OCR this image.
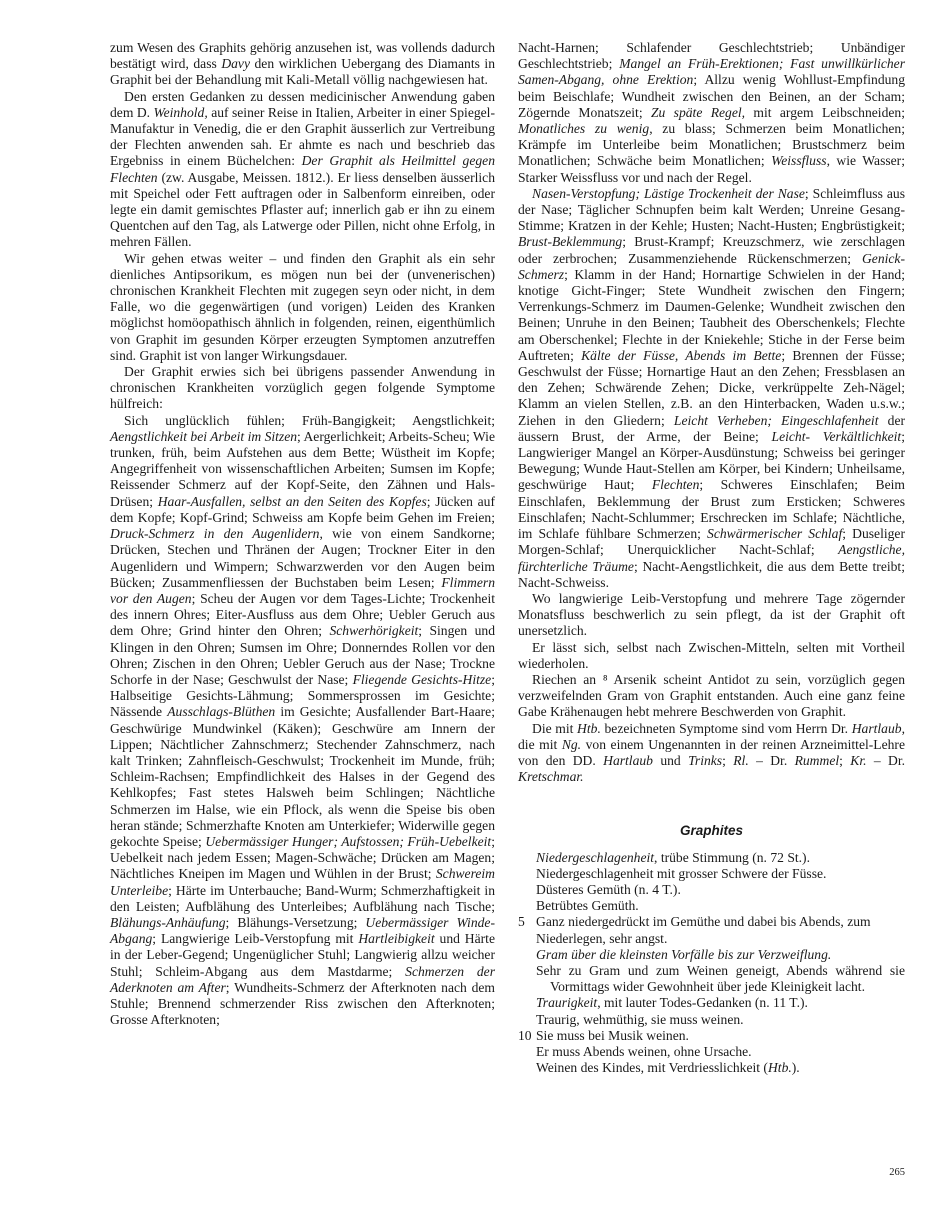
zum Wesen des Graphits gehörig anzusehen ist, was vollends dadurch bestätigt wird, dass Davy den wirklichen Uebergang des Diamants in Graphit bei der Behandlung mit Kali-Metall völlig nachgewiesen hat.

Den ersten Gedanken zu dessen medicinischer Anwendung gaben dem D. Weinhold, auf seiner Reise in Italien, Arbeiter in einer Spiegel-Manufaktur in Venedig, die er den Graphit äusserlich zur Vertreibung der Flechten anwenden sah. Er ahmte es nach und beschrieb das Ergebniss in einem Büchelchen: Der Graphit als Heilmittel gegen Flechten (zw. Ausgabe, Meissen. 1812.). Er liess denselben äusserlich mit Speichel oder Fett auftragen oder in Salbenform einreiben, oder legte ein damit gemischtes Pflaster auf; innerlich gab er ihn zu einem Quentchen auf den Tag, als Latwerge oder Pillen, nicht ohne Erfolg, in mehren Fällen.

Wir gehen etwas weiter – und finden den Graphit als ein sehr dienliches Antipsorikum, es mögen nun bei der (unvenerischen) chronischen Krankheit Flechten mit zugegen seyn oder nicht, in dem Falle, wo die gegenwärtigen (und vorigen) Leiden des Kranken möglichst homöopathisch ähnlich in folgenden, reinen, eigenthümlich von Graphit im gesunden Körper erzeugten Symptomen anzutreffen sind. Graphit ist von langer Wirkungsdauer.

Der Graphit erwies sich bei übrigens passender Anwendung in chronischen Krankheiten vorzüglich gegen folgende Symptome hülfreich:

Sich unglücklich fühlen; Früh-Bangigkeit; Aengstlichkeit; Aengstlichkeit bei Arbeit im Sitzen; Aergerlichkeit; Arbeits-Scheu; Wie trunken, früh, beim Aufstehen aus dem Bette; Wüstheit im Kopfe; Angegriffenheit von wissenschaftlichen Arbeiten; Sumsen im Kopfe; Reissender Schmerz auf der Kopf-Seite, den Zähnen und Hals-Drüsen; Haar-Ausfallen, selbst an den Seiten des Kopfes; Jücken auf dem Kopfe; Kopf-Grind; Schweiss am Kopfe beim Gehen im Freien; Druck-Schmerz in den Augenlidern, wie von einem Sandkorne; Drücken, Stechen und Thränen der Augen; Trockner Eiter in den Augenlidern und Wimpern; Schwarzwerden vor den Augen beim Bücken; Zusammenfliessen der Buchstaben beim Lesen; Flimmern vor den Augen; Scheu der Augen vor dem Tages-Lichte; Trockenheit des innern Ohres; Eiter-Ausfluss aus dem Ohre; Uebler Geruch aus dem Ohre; Grind hinter den Ohren; Schwerhörigkeit; Singen und Klingen in den Ohren; Sumsen im Ohre; Donnerndes Rollen vor den Ohren; Zischen in den Ohren; Uebler Geruch aus der Nase; Trockne Schorfe in der Nase; Geschwulst der Nase; Fliegende Gesichts-Hitze; Halbseitige Gesichts-Lähmung; Sommersprossen im Gesichte; Nässende Ausschlags-Blüthen im Gesichte; Ausfallender Bart-Haare; Geschwürige Mundwinkel (Käken); Geschwüre am Innern der Lippen; Nächtlicher Zahnschmerz; Stechender Zahnschmerz, nach kalt Trinken; Zahnfleisch-Geschwulst; Trockenheit im Munde, früh; Schleim-Rachsen; Empfindlichkeit des Halses in der Gegend des Kehlkopfes; Fast stetes Halsweh beim Schlingen; Nächtliche Schmerzen im Halse, wie ein Pflock, als wenn die Speise bis oben heran stände; Schmerzhafte Knoten am Unterkiefer; Widerwille gegen gekochte Speise; Uebermässiger Hunger; Aufstossen; Früh-Uebelkeit; Uebelkeit nach jedem Essen; Magen-Schwäche; Drücken am Magen; Nächtliches Kneipen im Magen und Wühlen in der Brust; Schwereim Unterleibe; Härte im Unterbauche; Band-Wurm; Schmerzhaftigkeit in den Leisten; Aufblähung des Unterleibes; Aufblähung nach Tische; Blähungs-Anhäufung; Blähungs-Versetzung; Uebermässiger Winde-Abgang; Langwierige Leib-Verstopfung mit Hartleibigkeit und Härte in der Leber-Gegend; Ungenüglicher Stuhl; Langwierig allzu weicher Stuhl; Schleim-Abgang aus dem Mastdarme; Schmerzen der Aderknoten am After; Wundheits-Schmerz der Afterknoten nach dem Stuhle; Brennend schmerzender Riss zwischen den Afterknoten; Grosse Afterknoten;

Nacht-Harnen; Schlafender Geschlechtstrieb; Unbändiger Geschlechtstrieb; Mangel an Früh-Erektionen; Fast unwillkürlicher Samen-Abgang, ohne Erektion; Allzu wenig Wohllust-Empfindung beim Beischlafe; Wundheit zwischen den Beinen, an der Scham; Zögernde Monatszeit; Zu späte Regel, mit argem Leibschneiden; Monatliches zu wenig, zu blass; Schmerzen beim Monatlichen; Krämpfe im Unterleibe beim Monatlichen; Brustschmerz beim Monatlichen; Schwäche beim Monatlichen; Weissfluss, wie Wasser; Starker Weissfluss vor und nach der Regel.

Nasen-Verstopfung; Lästige Trockenheit der Nase; Schleimfluss aus der Nase; Täglicher Schnupfen beim kalt Werden; Unreine Gesang-Stimme; Kratzen in der Kehle; Husten; Nacht-Husten; Engbrüstigkeit; Brust-Beklemmung; Brust-Krampf; Kreuzschmerz, wie zerschlagen oder zerbrochen; Zusammenziehende Rückenschmerzen; Genick-Schmerz; Klamm in der Hand; Hornartige Schwielen in der Hand; knotige Gicht-Finger; Stete Wundheit zwischen den Fingern; Verrenkungs-Schmerz im Daumen-Gelenke; Wundheit zwischen den Beinen; Unruhe in den Beinen; Taubheit des Oberschenkels; Flechte am Oberschenkel; Flechte in der Kniekehle; Stiche in der Ferse beim Auftreten; Kälte der Füsse, Abends im Bette; Brennen der Füsse; Geschwulst der Füsse; Hornartige Haut an den Zehen; Fressblasen an den Zehen; Schwärende Zehen; Dicke, verkrüppelte Zeh-Nägel; Klamm an vielen Stellen, z.B. an den Hinterbacken, Waden u.s.w.; Ziehen in den Gliedern; Leicht Verheben; Eingeschlafenheit der äussern Brust, der Arme, der Beine; Leicht- Verkältlichkeit; Langwieriger Mangel an Körper-Ausdünstung; Schweiss bei geringer Bewegung; Wunde Haut-Stellen am Körper, bei Kindern; Unheilsame, geschwürige Haut; Flechten; Schweres Einschlafen; Beim Einschlafen, Beklemmung der Brust zum Ersticken; Schweres Einschlafen; Nacht-Schlummer; Erschrecken im Schlafe; Nächtliche, im Schlafe fühlbare Schmerzen; Schwärmerischer Schlaf; Duseliger Morgen-Schlaf; Unerquicklicher Nacht-Schlaf; Aengstliche, fürchterliche Träume; Nacht-Aengstlichkeit, die aus dem Bette treibt; Nacht-Schweiss.

Wo langwierige Leib-Verstopfung und mehrere Tage zögernder Monatsfluss beschwerlich zu sein pflegt, da ist der Graphit oft unersetzlich.

Er lässt sich, selbst nach Zwischen-Mitteln, selten mit Vortheil wiederholen.

Riechen an ⁸ Arsenik scheint Antidot zu sein, vorzüglich gegen verzweifelnden Gram von Graphit entstanden. Auch eine ganz feine Gabe Krähenaugen hebt mehrere Beschwerden von Graphit.

Die mit Htb. bezeichneten Symptome sind vom Herrn Dr. Hartlaub, die mit Ng. von einem Ungenannten in der reinen Arzneimittel-Lehre von den DD. Hartlaub und Trinks; Rl. – Dr. Rummel; Kr. – Dr. Kretschmar.

Graphites
Niedergeschlagenheit, trübe Stimmung (n. 72 St.).
Niedergeschlagenheit mit grosser Schwere der Füsse.
Düsteres Gemüth (n. 4 T.).
Betrübtes Gemüth.
5 Ganz niedergedrückt im Gemüthe und dabei bis Abends, zum Niederlegen, sehr angst.
Gram über die kleinsten Vorfälle bis zur Verzweiflung.
Sehr zu Gram und zum Weinen geneigt, Abends während sie Vormittags wider Gewohnheit über jede Kleinigkeit lacht.
Traurigkeit, mit lauter Todes-Gedanken (n. 11 T.).
Traurig, wehmüthig, sie muss weinen.
10 Sie muss bei Musik weinen.
Er muss Abends weinen, ohne Ursache.
Weinen des Kindes, mit Verdriesslichkeit (Htb.).
265
